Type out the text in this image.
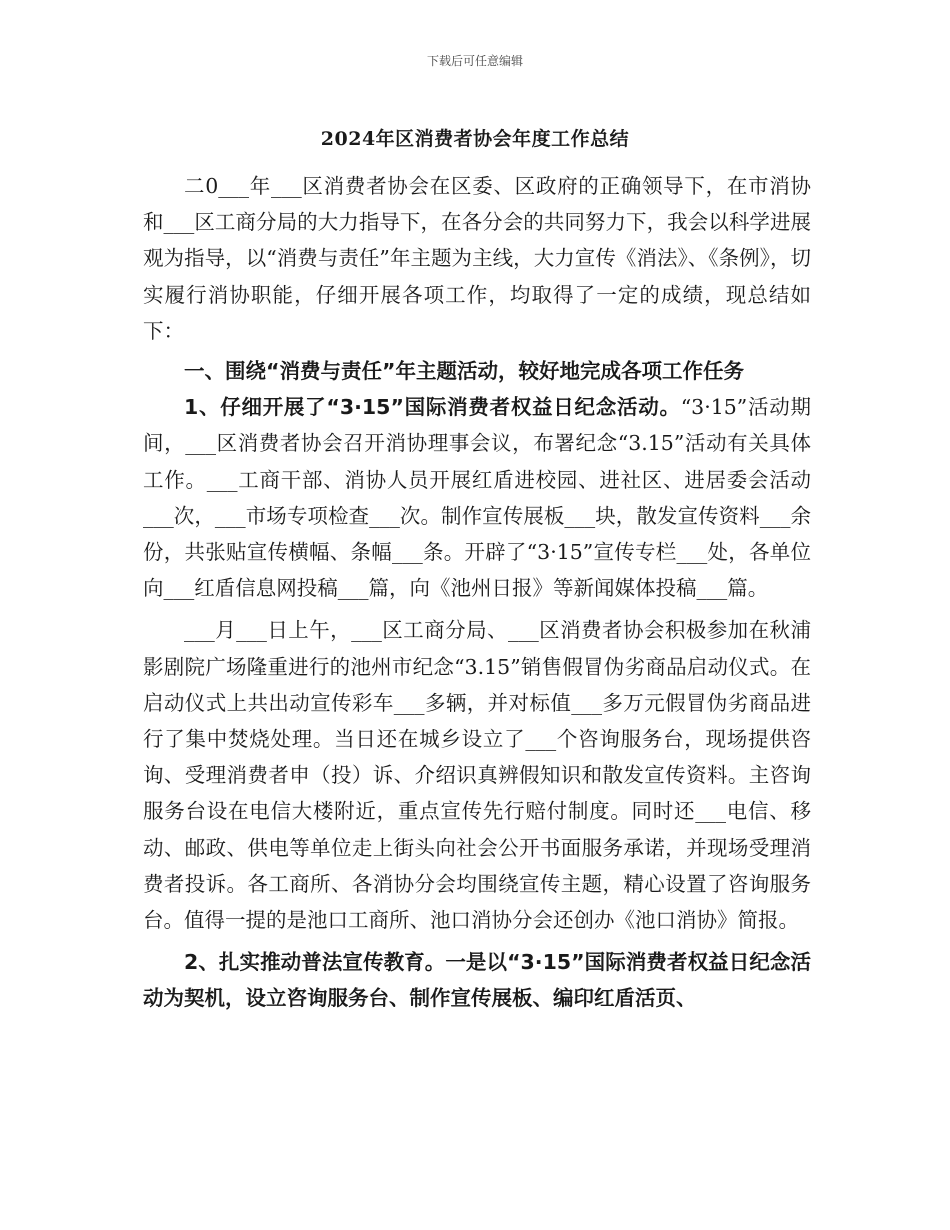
下载后可任意编辑
2024年区消费者协会年度工作总结

二0___年___区消费者协会在区委、区政府的正确领导下，在市消协和___区工商分局的大力指导下，在各分会的共同努力下，我会以科学进展观为指导，以“消费与责任”年主题为主线，大力宣传《消法》、《条例》，切实履行消协职能，仔细开展各项工作，均取得了一定的成绩，现总结如下：

一、围绕“消费与责任”年主题活动，较好地完成各项工作任务

1、仔细开展了“3·15”国际消费者权益日纪念活动。“3·15”活动期间，___区消费者协会召开消协理事会议，布署纪念“3.15”活动有关具体工作。___工商干部、消协人员开展红盾进校园、进社区、进居委会活动___次，___市场专项检查___次。制作宣传展板___块，散发宣传资料___余份，共张贴宣传横幅、条幅___条。开辟了“3·15”宣传专栏___处，各单位向___红盾信息网投稿___篇，向《池州日报》等新闻媒体投稿___篇。

___月___日上午，___区工商分局、___区消费者协会积极参加在秋浦影剧院广场隆重进行的池州市纪念“3.15”销售假冒伪劣商品启动仪式。在启动仪式上共出动宣传彩车___多辆，并对标值___多万元假冒伪劣商品进行了集中焚烧处理。当日还在城乡设立了___个咨询服务台，现场提供咨询、受理消费者申（投）诉、介绍识真辨假知识和散发宣传资料。主咨询服务台设在电信大楼附近，重点宣传先行赔付制度。同时还___电信、移动、邮政、供电等单位走上街头向社会公开书面服务承诺，并现场受理消费者投诉。各工商所、各消协分会均围绕宣传主题，精心设置了咨询服务台。值得一提的是池口工商所、池口消协分会还创办《池口消协》简报。

2、扎实推动普法宣传教育。一是以“3·15”国际消费者权益日纪念活动为契机，设立咨询服务台、制作宣传展板、编印红盾活页、
